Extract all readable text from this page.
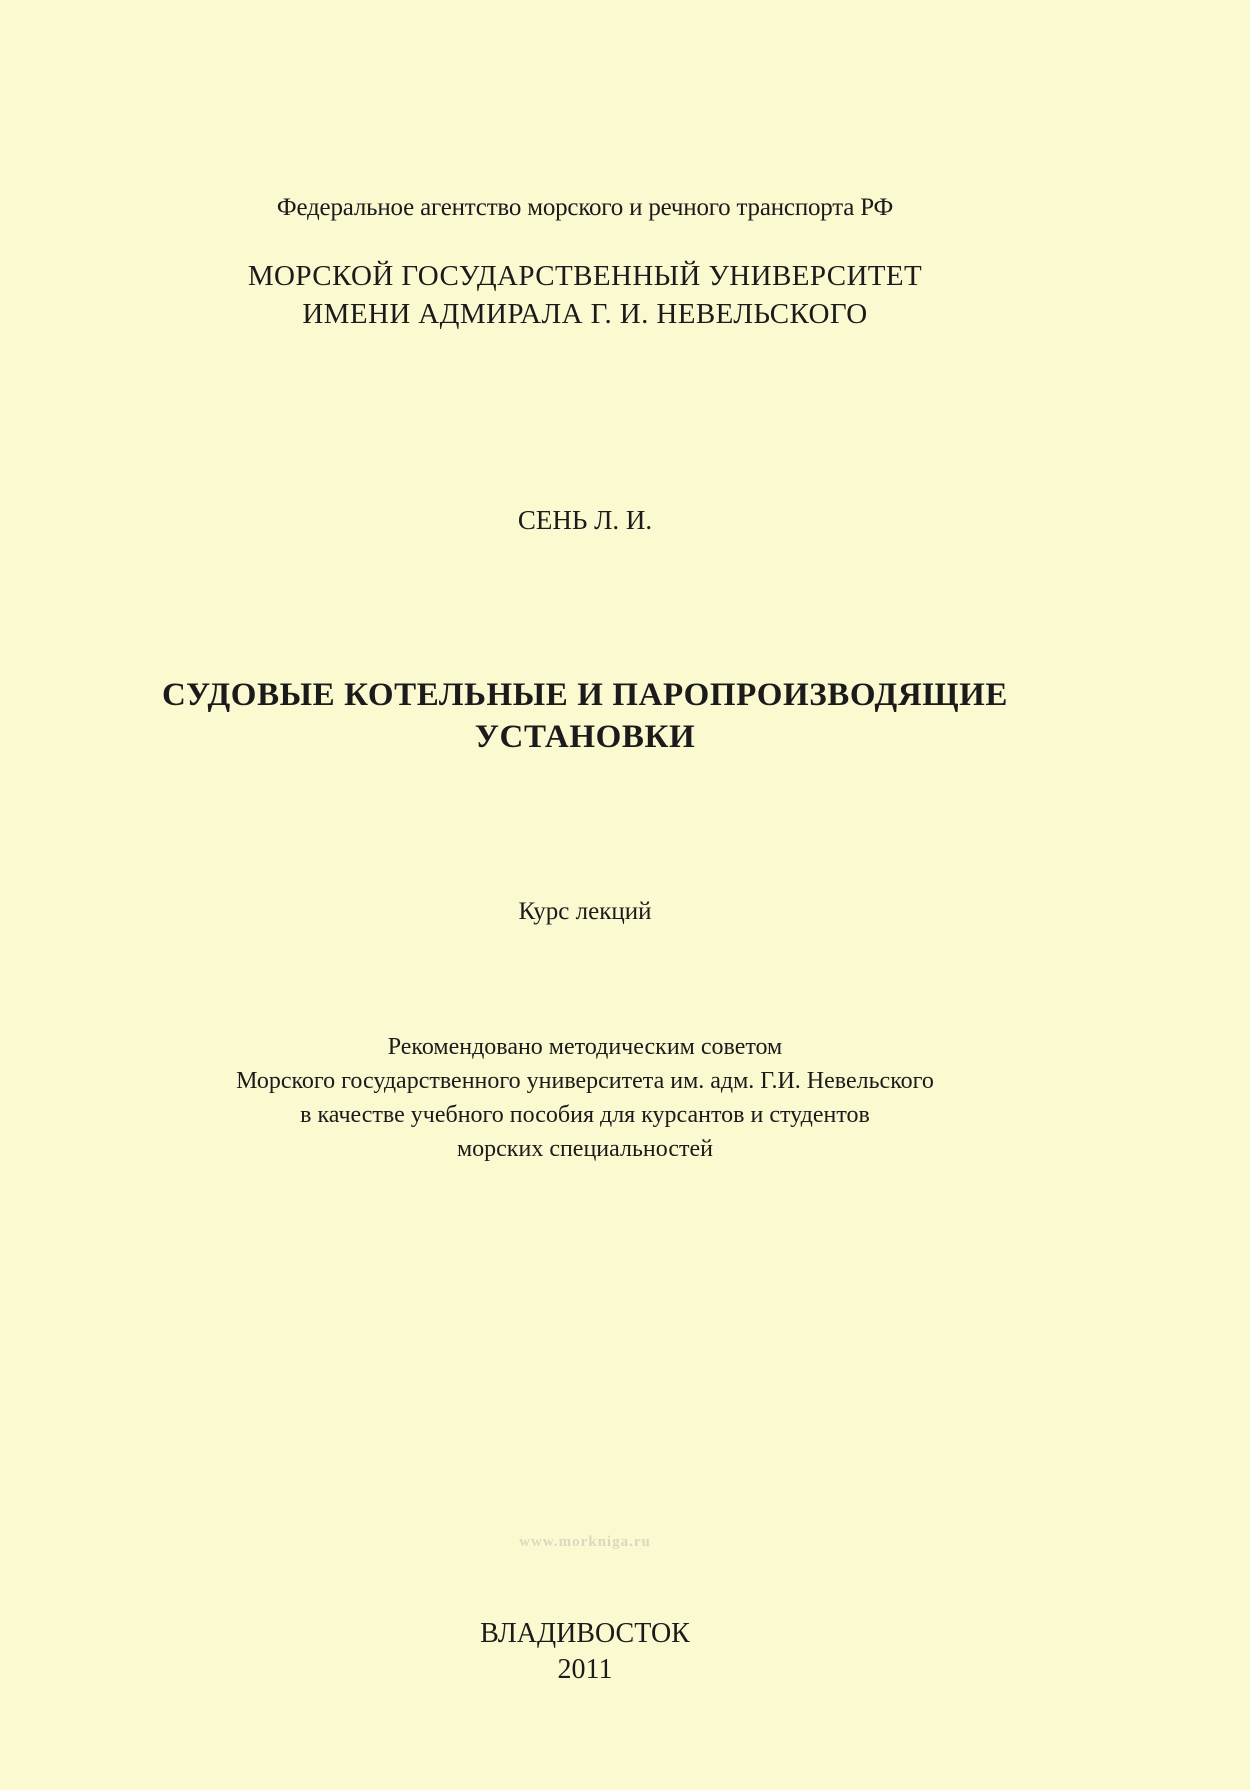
Федеральное агентство морского и речного транспорта РФ
МОРСКОЙ ГОСУДАРСТВЕННЫЙ УНИВЕРСИТЕТ
ИМЕНИ АДМИРАЛА Г. И. НЕВЕЛЬСКОГО
СЕНЬ Л. И.
СУДОВЫЕ КОТЕЛЬНЫЕ И ПАРОПРОИЗВОДЯЩИЕ
УСТАНОВКИ
Курс лекций
Рекомендовано методическим советом
Морского государственного университета им. адм. Г.И. Невельского
в качестве учебного пособия для курсантов и студентов
морских специальностей
www.morkniga.ru
ВЛАДИВОСТОК
2011
